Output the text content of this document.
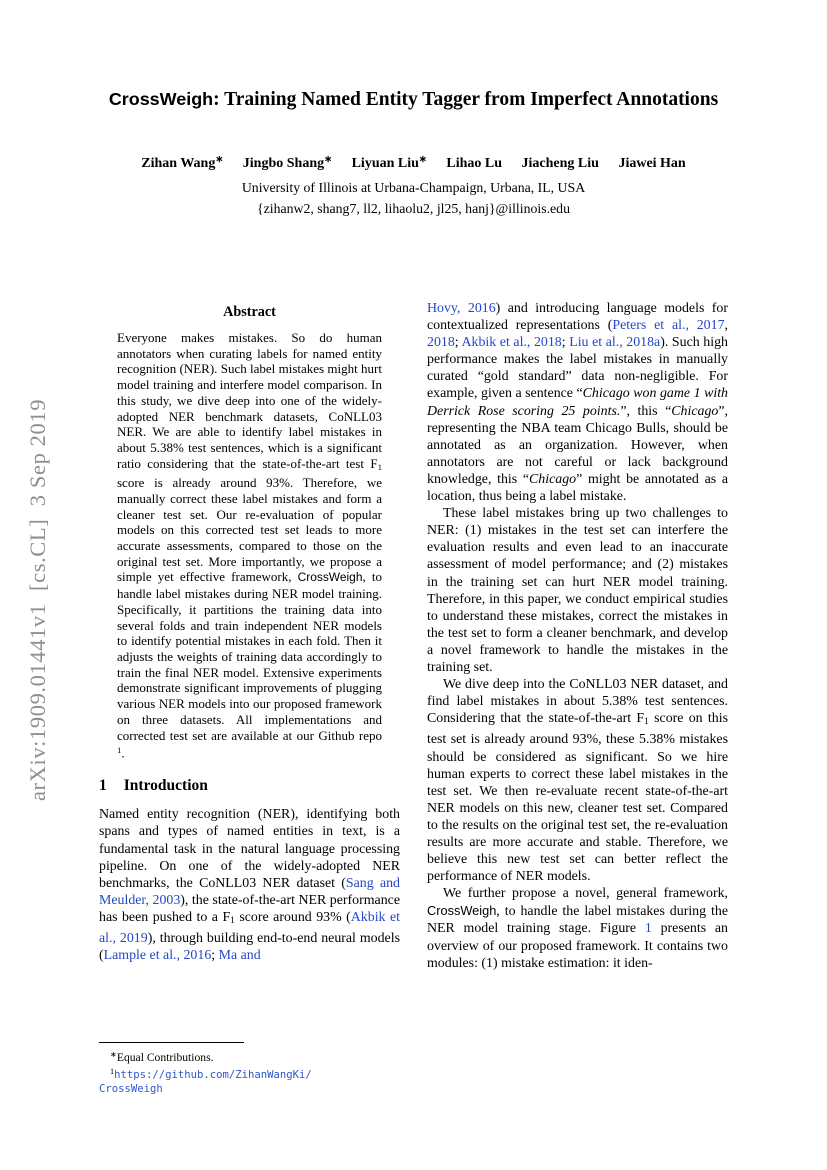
arXiv:1909.01441v1  [cs.CL]  3 Sep 2019
CrossWeigh: Training Named Entity Tagger from Imperfect Annotations
Zihan Wang∗ Jingbo Shang∗ Liyuan Liu∗ Lihao Lu Jiacheng Liu Jiawei Han
University of Illinois at Urbana-Champaign, Urbana, IL, USA
{zihanw2, shang7, ll2, lihaolu2, jl25, hanj}@illinois.edu
Abstract

Everyone makes mistakes. So do human annotators when curating labels for named entity recognition (NER). Such label mistakes might hurt model training and interfere model comparison. In this study, we dive deep into one of the widely-adopted NER benchmark datasets, CoNLL03 NER. We are able to identify label mistakes in about 5.38% test sentences, which is a significant ratio considering that the state-of-the-art test F1 score is already around 93%. Therefore, we manually correct these label mistakes and form a cleaner test set. Our re-evaluation of popular models on this corrected test set leads to more accurate assessments, compared to those on the original test set. More importantly, we propose a simple yet effective framework, CrossWeigh, to handle label mistakes during NER model training. Specifically, it partitions the training data into several folds and train independent NER models to identify potential mistakes in each fold. Then it adjusts the weights of training data accordingly to train the final NER model. Extensive experiments demonstrate significant improvements of plugging various NER models into our proposed framework on three datasets. All implementations and corrected test set are available at our Github repo $^1$.

1 Introduction

Named entity recognition (NER), identifying both spans and types of named entities in text, is a fundamental task in the natural language processing pipeline. On one of the widely-adopted NER benchmarks, the CoNLL03 NER dataset (Sang and Meulder, 2003), the state-of-the-art NER performance has been pushed to a F1 score around 93% (Akbik et al., 2019), through building end-to-end neural models (Lample et al., 2016; Ma and

Hovy, 2016) and introducing language models for contextualized representations (Peters et al., 2017, 2018; Akbik et al., 2018; Liu et al., 2018a). Such high performance makes the label mistakes in manually curated “gold standard” data non-negligible. For example, given a sentence “Chicago won game 1 with Derrick Rose scoring 25 points.”, this “Chicago”, representing the NBA team Chicago Bulls, should be annotated as an organization. However, when annotators are not careful or lack background knowledge, this “Chicago” might be annotated as a location, thus being a label mistake.

These label mistakes bring up two challenges to NER: (1) mistakes in the test set can interfere the evaluation results and even lead to an inaccurate assessment of model performance; and (2) mistakes in the training set can hurt NER model training. Therefore, in this paper, we conduct empirical studies to understand these mistakes, correct the mistakes in the test set to form a cleaner benchmark, and develop a novel framework to handle the mistakes in the training set.

We dive deep into the CoNLL03 NER dataset, and find label mistakes in about 5.38% test sentences. Considering that the state-of-the-art F1 score on this test set is already around 93%, these 5.38% mistakes should be considered as significant. So we hire human experts to correct these label mistakes in the test set. We then re-evaluate recent state-of-the-art NER models on this new, cleaner test set. Compared to the results on the original test set, the re-evaluation results are more accurate and stable. Therefore, we believe this new test set can better reflect the performance of NER models.

We further propose a novel, general framework, CrossWeigh, to handle the label mistakes during the NER model training stage. Figure 1 presents an overview of our proposed framework. It contains two modules: (1) mistake estimation: it iden-

∗Equal Contributions.

$^1$https://github.com/ZihanWangKi/
CrossWeigh
